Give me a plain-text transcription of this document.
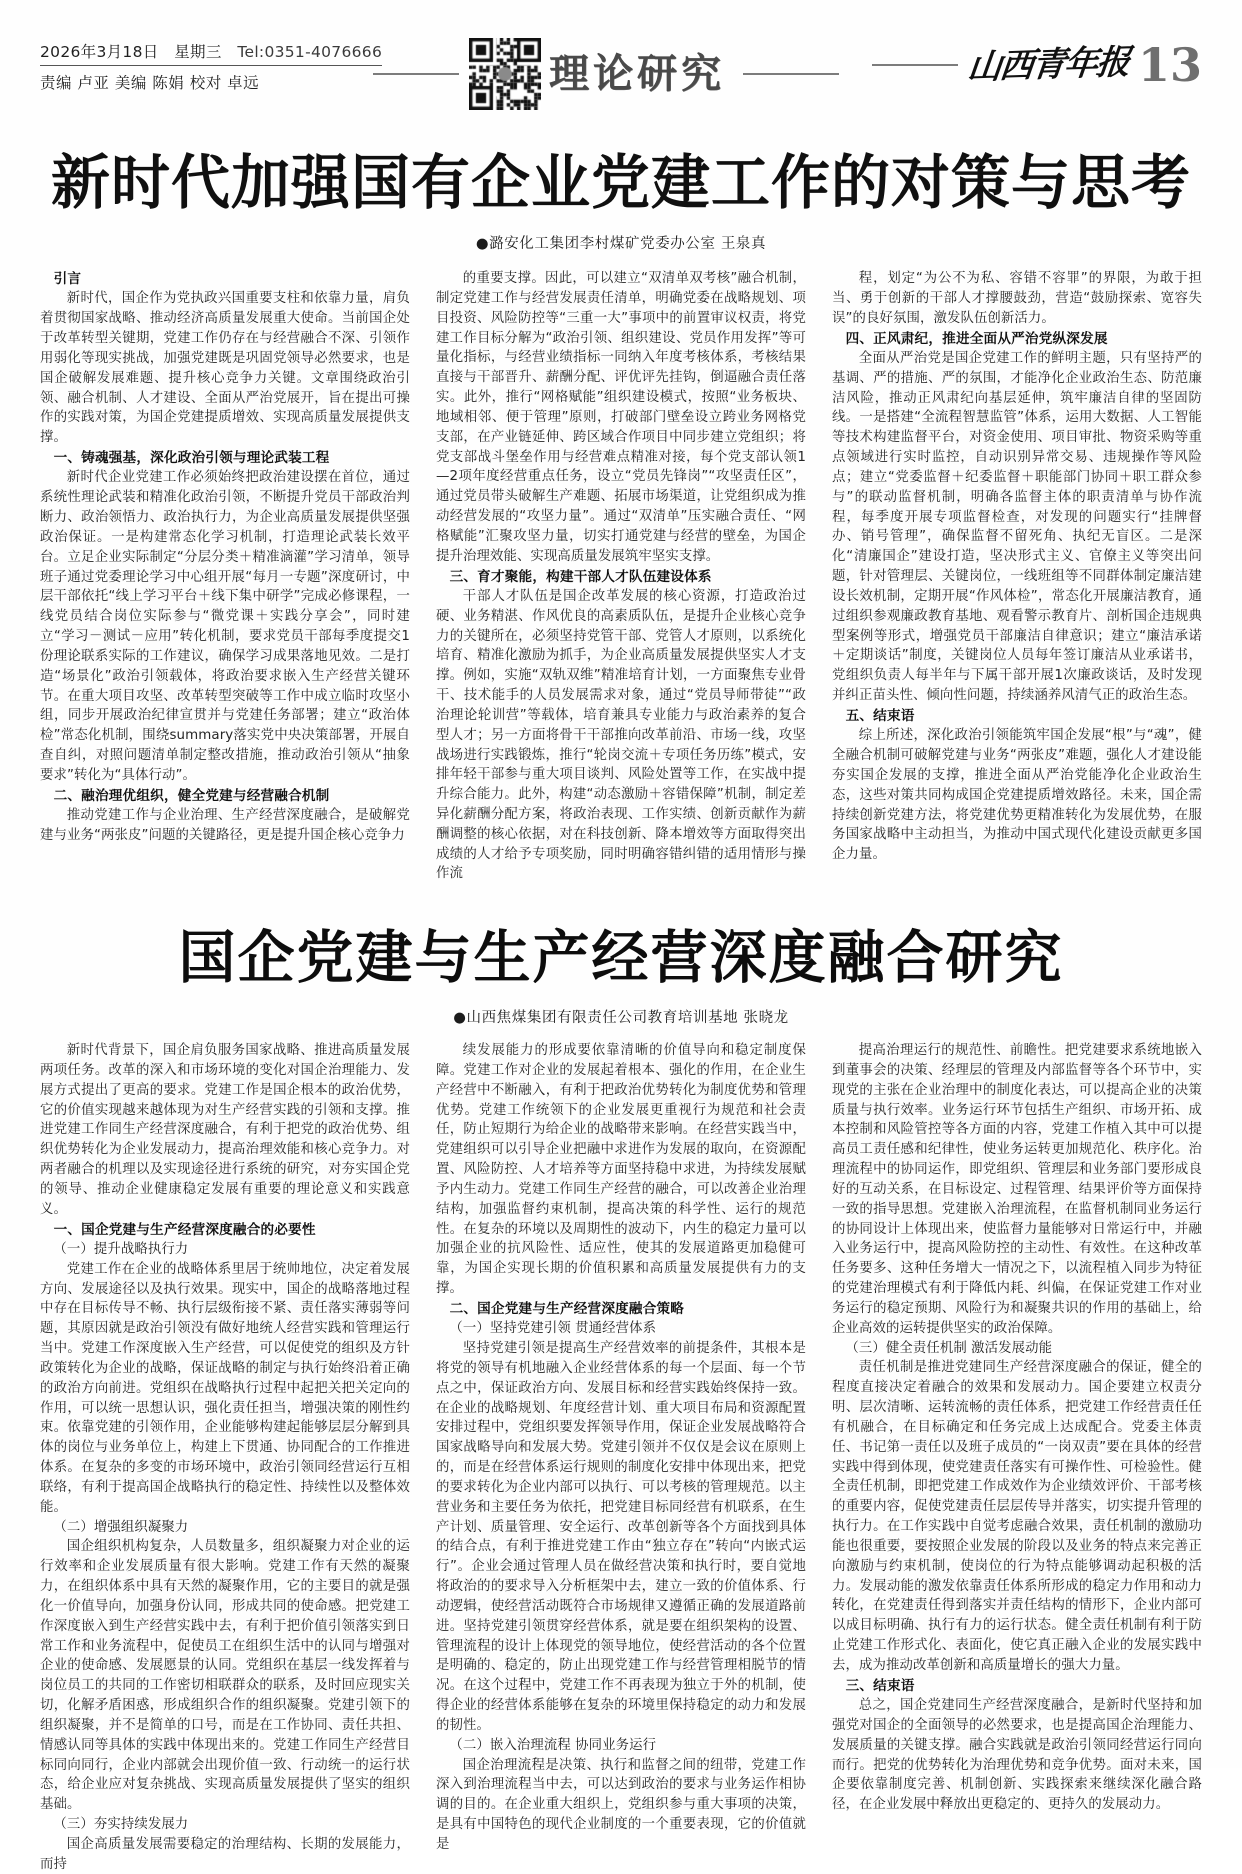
2026年3月18日 星期三 Tel:0351-4076666
责编 卢亚 美编 陈娟 校对 卓远	理论研究	山西青年报 13
新时代加强国有企业党建工作的对策与思考
●潞安化工集团李村煤矿党委办公室 王泉真

引言

新时代，国企作为党执政兴国重要支柱和依靠力量，肩负着贯彻国家战略、推动经济高质量发展重大使命。当前国企处于改革转型关键期，党建工作仍存在与经营融合不深、引领作用弱化等现实挑战，加强党建既是巩固党领导必然要求，也是国企破解发展难题、提升核心竞争力关键。文章围绕政治引领、融合机制、人才建设、全面从严治党展开，旨在提出可操作的实践对策，为国企党建提质增效、实现高质量发展提供支撑。

一、铸魂强基，深化政治引领与理论武装工程

新时代企业党建工作必须始终把政治建设摆在首位，通过系统性理论武装和精准化政治引领，不断提升党员干部政治判断力、政治领悟力、政治执行力，为企业高质量发展提供坚强政治保证。一是构建常态化学习机制，打造理论武装长效平台。立足企业实际制定“分层分类＋精准滴灌”学习清单，领导班子通过党委理论学习中心组开展“每月一专题”深度研讨，中层干部依托“线上学习平台＋线下集中研学”完成必修课程，一线党员结合岗位实际参与“微党课＋实践分享会”，同时建立“学习－测试－应用”转化机制，要求党员干部每季度提交1份理论联系实际的工作建议，确保学习成果落地见效。二是打造“场景化”政治引领载体，将政治要求嵌入生产经营关键环节。在重大项目攻坚、改革转型突破等工作中成立临时攻坚小组，同步开展政治纪律宣贯并与党建任务部署；建立“政治体检”常态化机制，围绕summary落实党中央决策部署，开展自查自纠，对照问题清单制定整改措施，推动政治引领从“抽象要求”转化为“具体行动”。

二、融治理优组织，健全党建与经营融合机制

推动党建工作与企业治理、生产经营深度融合，是破解党建与业务“两张皮”问题的关键路径，更是提升国企核心竞争力

的重要支撑。因此，可以建立“双清单双考核”融合机制，制定党建工作与经营发展责任清单，明确党委在战略规划、项目投资、风险防控等“三重一大”事项中的前置审议权责，将党建工作目标分解为“政治引领、组织建设、党员作用发挥”等可量化指标，与经营业绩指标一同纳入年度考核体系，考核结果直接与干部晋升、薪酬分配、评优评先挂钩，倒逼融合责任落实。此外，推行“网格赋能”组织建设模式，按照“业务板块、地域相邻、便于管理”原则，打破部门壁垒设立跨业务网格党支部，在产业链延伸、跨区域合作项目中同步建立党组织；将党支部战斗堡垒作用与经营难点精准对接，每个党支部认领1—2项年度经营重点任务，设立“党员先锋岗”“攻坚责任区”，通过党员带头破解生产难题、拓展市场渠道，让党组织成为推动经营发展的“攻坚力量”。通过“双清单”压实融合责任、“网格赋能”汇聚攻坚力量，切实打通党建与经营的壁垒，为国企提升治理效能、实现高质量发展筑牢坚实支撑。

三、育才聚能，构建干部人才队伍建设体系

干部人才队伍是国企改革发展的核心资源，打造政治过硬、业务精湛、作风优良的高素质队伍，是提升企业核心竞争力的关键所在，必须坚持党管干部、党管人才原则，以系统化培育、精准化激励为抓手，为企业高质量发展提供坚实人才支撑。例如，实施“双轨双维”精准培育计划，一方面聚焦专业骨干、技术能手的人员发展需求对象，通过“党员导师带徒”“政治理论轮训营”等载体，培育兼具专业能力与政治素养的复合型人才；另一方面将骨干干部推向改革前沿、市场一线，攻坚战场进行实践锻炼，推行“轮岗交流＋专项任务历练”模式，安排年轻干部参与重大项目谈判、风险处置等工作，在实战中提升综合能力。此外，构建“动态激励＋容错保障”机制，制定差异化薪酬分配方案，将政治表现、工作实绩、创新贡献作为薪酬调整的核心依据，对在科技创新、降本增效等方面取得突出成绩的人才给予专项奖励，同时明确容错纠错的适用情形与操作流

程，划定“为公不为私、容错不容罪”的界限，为敢于担当、勇于创新的干部人才撑腰鼓劲，营造“鼓励探索、宽容失误”的良好氛围，激发队伍创新活力。

四、正风肃纪，推进全面从严治党纵深发展

全面从严治党是国企党建工作的鲜明主题，只有坚持严的基调、严的措施、严的氛围，才能净化企业政治生态、防范廉洁风险，推动正风肃纪向基层延伸，筑牢廉洁自律的坚固防线。一是搭建“全流程智慧监管”体系，运用大数据、人工智能等技术构建监督平台，对资金使用、项目审批、物资采购等重点领域进行实时监控，自动识别异常交易、违规操作等风险点；建立“党委监督＋纪委监督＋职能部门协同＋职工群众参与”的联动监督机制，明确各监督主体的职责清单与协作流程，每季度开展专项监督检查，对发现的问题实行“挂牌督办、销号管理”，确保监督不留死角、执纪无盲区。二是深化“清廉国企”建设打造，坚决形式主义、官僚主义等突出问题，针对管理层、关键岗位，一线班组等不同群体制定廉洁建设长效机制，定期开展“作风体检”，常态化开展廉洁教育，通过组织参观廉政教育基地、观看警示教育片、剖析国企违规典型案例等形式，增强党员干部廉洁自律意识；建立“廉洁承诺＋定期谈话”制度，关键岗位人员每年签订廉洁从业承诺书，党组织负责人每半年与下属干部开展1次廉政谈话，及时发现并纠正苗头性、倾向性问题，持续涵养风清气正的政治生态。

五、结束语

综上所述，深化政治引领能筑牢国企发展“根”与“魂”，健全融合机制可破解党建与业务“两张皮”难题，强化人才建设能夯实国企发展的支撑，推进全面从严治党能净化企业政治生态，这些对策共同构成国企党建提质增效路径。未来，国企需持续创新党建方法，将党建优势更精准转化为发展优势，在服务国家战略中主动担当，为推动中国式现代化建设贡献更多国企力量。

国企党建与生产经营深度融合研究
●山西焦煤集团有限责任公司教育培训基地 张晓龙

新时代背景下，国企肩负服务国家战略、推进高质量发展两项任务。改革的深入和市场环境的变化对国企治理能力、发展方式提出了更高的要求。党建工作是国企根本的政治优势，它的价值实现越来越体现为对生产经营实践的引领和支撑。推进党建工作同生产经营深度融合，有利于把党的政治优势、组织优势转化为企业发展动力，提高治理效能和核心竞争力。对两者融合的机理以及实现途径进行系统的研究，对夯实国企党的领导、推动企业健康稳定发展有重要的理论意义和实践意义。

一、国企党建与生产经营深度融合的必要性

（一）提升战略执行力

党建工作在企业的战略体系里居于统帅地位，决定着发展方向、发展途径以及执行效果。现实中，国企的战略落地过程中存在目标传导不畅、执行层级衔接不紧、责任落实薄弱等问题，其原因就是政治引领没有做好地统人经营实践和管理运行当中。党建工作深度嵌入生产经营，可以促使党的组织及方针政策转化为企业的战略，保证战略的制定与执行始终沿着正确的政治方向前进。党组织在战略执行过程中起把关把关定向的作用，可以统一思想认识，强化责任担当，增强决策的刚性约束。依靠党建的引领作用，企业能够构建起能够层层分解到具体的岗位与业务单位上，构建上下贯通、协同配合的工作推进体系。在复杂的多变的市场环境中，政治引领同经营运行互相联络，有利于提高国企战略执行的稳定性、持续性以及整体效能。

（二）增强组织凝聚力

国企组织机构复杂，人员数量多，组织凝聚力对企业的运行效率和企业发展质量有很大影响。党建工作有天然的凝聚力，在组织体系中具有天然的凝聚作用，它的主要目的就是强化一价值导向，加强身份认同，形成共同的使命感。把党建工作深度嵌入到生产经营实践中去，有利于把价值引领落实到日常工作和业务流程中，促使员工在组织生活中的认同与增强对企业的使命感、发展愿景的认同。党组织在基层一线发挥着与岗位员工的共同的工作密切相联群众的联系，及时回应现实关切，化解矛盾困惑，形成组织合作的组织凝聚。党建引领下的组织凝聚，并不是简单的口号，而是在工作协同、责任共担、情感认同等具体的实践中体现出来的。党建工作同生产经营目标同向同行，企业内部就会出现价值一致、行动统一的运行状态，给企业应对复杂挑战、实现高质量发展提供了坚实的组织基础。

（三）夯实持续发展力

国企高质量发展需要稳定的治理结构、长期的发展能力，而持

续发展能力的形成要依靠清晰的价值导向和稳定制度保障。党建工作对企业的发展起着根本、强化的作用，在企业生产经营中不断融入，有利于把政治优势转化为制度优势和管理优势。党建工作统领下的企业发展更重视行为规范和社会责任，防止短期行为给企业的战略带来影响。在经营实践当中，党建组织可以引导企业把融中求进作为发展的取向，在资源配置、风险防控、人才培养等方面坚持稳中求进，为持续发展赋予内生动力。党建工作同生产经营的融合，可以改善企业治理结构，加强监督约束机制，提高决策的科学性、运行的规范性。在复杂的环境以及周期性的波动下，内生的稳定力量可以加强企业的抗风险性、适应性，使其的发展道路更加稳健可靠，为国企实现长期的价值积累和高质量发展提供有力的支撑。

二、国企党建与生产经营深度融合策略

（一）坚持党建引领 贯通经营体系

坚持党建引领是提高生产经营效率的前提条件，其根本是将党的领导有机地融入企业经营体系的每一个层面、每一个节点之中，保证政治方向、发展目标和经营实践始终保持一致。在企业的战略规划、年度经营计划、重大项目布局和资源配置安排过程中，党组织要发挥领导作用，保证企业发展战略符合国家战略导向和发展大势。党建引领并不仅仅是会议在原则上的，而是在经营体系运行规则的制度化安排中体现出来，把党的要求转化为企业内部可以执行、可以考核的管理规范。以主营业务和主要任务为依托，把党建目标同经营有机联系，在生产计划、质量管理、安全运行、改革创新等各个方面找到具体的结合点，有利于推进党建工作由“独立存在”转向“内嵌式运行”。企业会通过管理人员在做经营决策和执行时，要自觉地将政治的的要求导入分析框架中去，建立一致的价值体系、行动逻辑，使经营活动既符合市场规律又遵循正确的发展道路前进。坚持党建引领贯穿经营体系，就是要在组织架构的设置、管理流程的设计上体现党的领导地位，使经营活动的各个位置是明确的、稳定的，防止出现党建工作与经营管理相脱节的情况。在这个过程中，党建工作不再表现为独立于外的机制，使得企业的经营体系能够在复杂的环境里保持稳定的动力和发展的韧性。

（二）嵌入治理流程 协同业务运行

国企治理流程是决策、执行和监督之间的纽带，党建工作深入到治理流程当中去，可以达到政治的要求与业务运作相协调的目的。在企业重大组织上，党组织参与重大事项的决策，是具有中国特色的现代企业制度的一个重要表现，它的价值就是

提高治理运行的规范性、前瞻性。把党建要求系统地嵌入到董事会的决策、经理层的管理及内部监督等各个环节中，实现党的主张在企业治理中的制度化表达，可以提高企业的决策质量与执行效率。业务运行环节包括生产组织、市场开拓、成本控制和风险管控等各方面的内容，党建工作植入其中可以提高员工责任感和纪律性，使业务运转更加规范化、秩序化。治理流程中的协同运作，即党组织、管理层和业务部门要形成良好的互动关系，在目标设定、过程管理、结果评价等方面保持一致的指导思想。党建嵌入治理流程，在监督机制同业务运行的协同设计上体现出来，使监督力量能够对日常运行中，并融入业务运行中，提高风险防控的主动性、有效性。在这种改革任务要多、这种任务增大一情况之下，以流程植入同步为特征的党建治理模式有利于降低内耗、纠偏，在保证党建工作对业务运行的稳定预期、风险行为和凝聚共识的作用的基础上，给企业高效的运转提供坚实的政治保障。

（三）健全责任机制 激活发展动能

责任机制是推进党建同生产经营深度融合的保证，健全的程度直接决定着融合的效果和发展动力。国企要建立权责分明、层次清晰、运转流畅的责任体系，把党建工作经营责任任有机融合，在目标确定和任务完成上达成配合。党委主体责任、书记第一责任以及班子成员的“一岗双责”要在具体的经营实践中得到体现，使党建责任落实有可操作性、可检验性。健全责任机制，即把党建工作成效作为企业绩效评价、干部考核的重要内容，促使党建责任层层传导并落实，切实提升管理的执行力。在工作实践中自觉考虑融合效果，责任机制的激励功能也很重要，要按照企业发展的阶段以及业务的特点来完善正向激励与约束机制，使岗位的行为特点能够调动起积极的活力。发展动能的激发依靠责任体系所形成的稳定力作用和动力转化，在党建责任得到落实并责任结构的情形下，企业内部可以成目标明确、执行有力的运行状态。健全责任机制有利于防止党建工作形式化、表面化，使它真正融入企业的发展实践中去，成为推动改革创新和高质量增长的强大力量。

三、结束语

总之，国企党建同生产经营深度融合，是新时代坚持和加强党对国企的全面领导的必然要求，也是提高国企治理能力、发展质量的关键支撑。融合实践就是政治引领同经营运行同向而行。把党的优势转化为治理优势和竞争优势。面对未来，国企要依靠制度完善、机制创新、实践探索来继续深化融合路径，在企业发展中释放出更稳定的、更持久的发展动力。
